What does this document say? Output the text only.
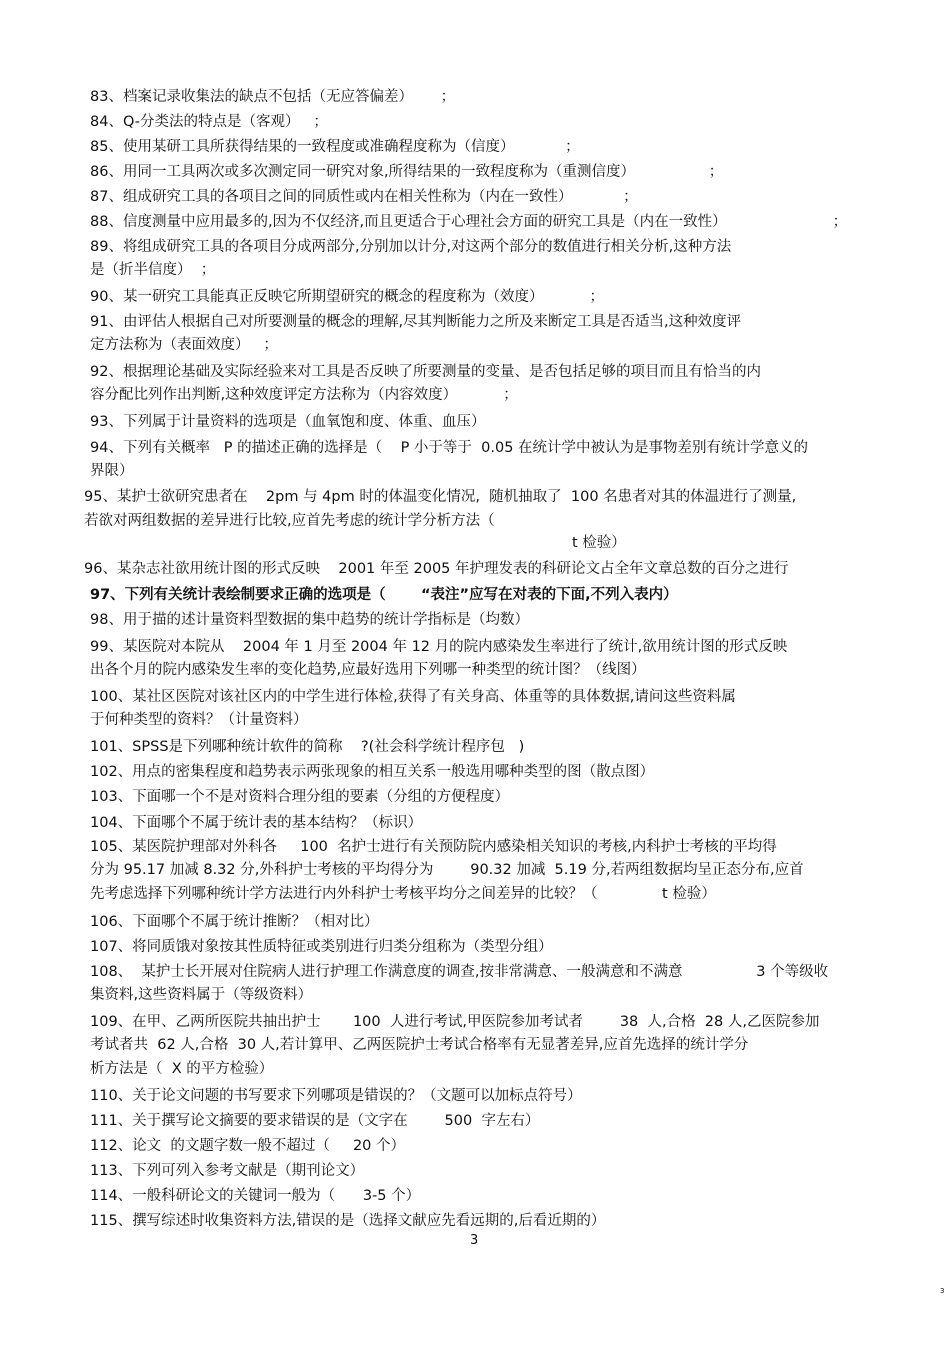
83、档案记录收集法的缺点不包括（无应答偏差）      ；

84、Q-分类法的特点是（客观）   ；

85、使用某研工具所获得结果的一致程度或准确程度称为（信度）           ；

86、用同一工具两次或多次测定同一研究对象,所得结果的一致程度称为（重测信度）                ；

87、组成研究工具的各项目之间的同质性或内在相关性称为（内在一致性）           ；

88、信度测量中应用最多的,因为不仅经济,而且更适合于心理社会方面的研究工具是（内在一致性）                       ；

89、将组成研究工具的各项目分成两部分,分别加以计分,对这两个部分的数值进行相关分析,这种方法

是（折半信度）  ；

90、某一研究工具能真正反映它所期望研究的概念的程度称为（效度）          ；

91、由评估人根据自己对所要测量的概念的理解,尽其判断能力之所及来断定工具是否适当,这种效度评

定方法称为（表面效度）   ；

92、根据理论基础及实际经验来对工具是否反映了所要测量的变量、是否包括足够的项目而且有恰当的内

容分配比列作出判断,这种效度评定方法称为（内容效度）          ；

93、下列属于计量资料的选项是（血氧饱和度、体重、血压）

94、下列有关概率   P 的描述正确的选择是（    P 小于等于  0.05 在统计学中被认为是事物差别有统计学意义的

界限）

95、某护士欲研究患者在    2pm 与 4pm 时的体温变化情况,  随机抽取了  100 名患者对其的体温进行了测量,

若欲对两组数据的差异进行比较,应首先考虑的统计学分析方法（

t 检验）

96、某杂志社欲用统计图的形式反映    2001 年至 2005 年护理发表的科研论文占全年文章总数的百分之进行

97、下列有关统计表绘制要求正确的选项是（       “表注”应写在对表的下面,不列入表内）

98、用于描的述计量资料型数据的集中趋势的统计学指标是（均数）

99、某医院对本院从    2004 年 1 月至 2004 年 12 月的院内感染发生率进行了统计,欲用统计图的形式反映

出各个月的院内感染发生率的变化趋势,应最好选用下列哪一种类型的统计图？（线图）

100、某社区医院对该社区内的中学生进行体检,获得了有关身高、体重等的具体数据,请问这些资料属

于何种类型的资料？（计量资料）

101、SPSS是下列哪种统计软件的简称    ?(社会科学统计程序包   )

102、用点的密集程度和趋势表示两张现象的相互关系一般选用哪种类型的图（散点图）

103、下面哪一个不是对资料合理分组的要素（分组的方便程度）

104、下面哪个不属于统计表的基本结构？（标识）

105、某医院护理部对外科各     100  名护士进行有关预防院内感染相关知识的考核,内科护士考核的平均得

分为 95.17 加减 8.32 分,外科护士考核的平均得分为        90.32 加减  5.19 分,若两组数据均呈正态分布,应首

先考虑选择下列哪种统计学方法进行内外科护士考核平均分之间差异的比较？（              t 检验）

106、下面哪个不属于统计推断？（相对比）

107、将同质饿对象按其性质特征或类别进行归类分组称为（类型分组）

108、  某护士长开展对住院病人进行护理工作满意度的调查,按非常满意、一般满意和不满意                3 个等级收

集资料,这些资料属于（等级资料）

109、在甲、乙两所医院共抽出护士       100  人进行考试,甲医院参加考试者        38  人,合格  28 人,乙医院参加

考试者共  62 人,合格  30 人,若计算甲、乙两医院护士考试合格率有无显著差异,应首先选择的统计学分

析方法是（  X 的平方检验）

110、关于论文问题的书写要求下列哪项是错误的？（文题可以加标点符号）

111、关于撰写论文摘要的要求错误的是（文字在        500  字左右）

112、论文  的文题字数一般不超过（     20 个）

113、下列可列入参考文献是（期刊论文）

114、一般科研论文的关键词一般为（      3-5 个）

115、撰写综述时收集资料方法,错误的是（选择文献应先看远期的,后看近期的）

3
3
